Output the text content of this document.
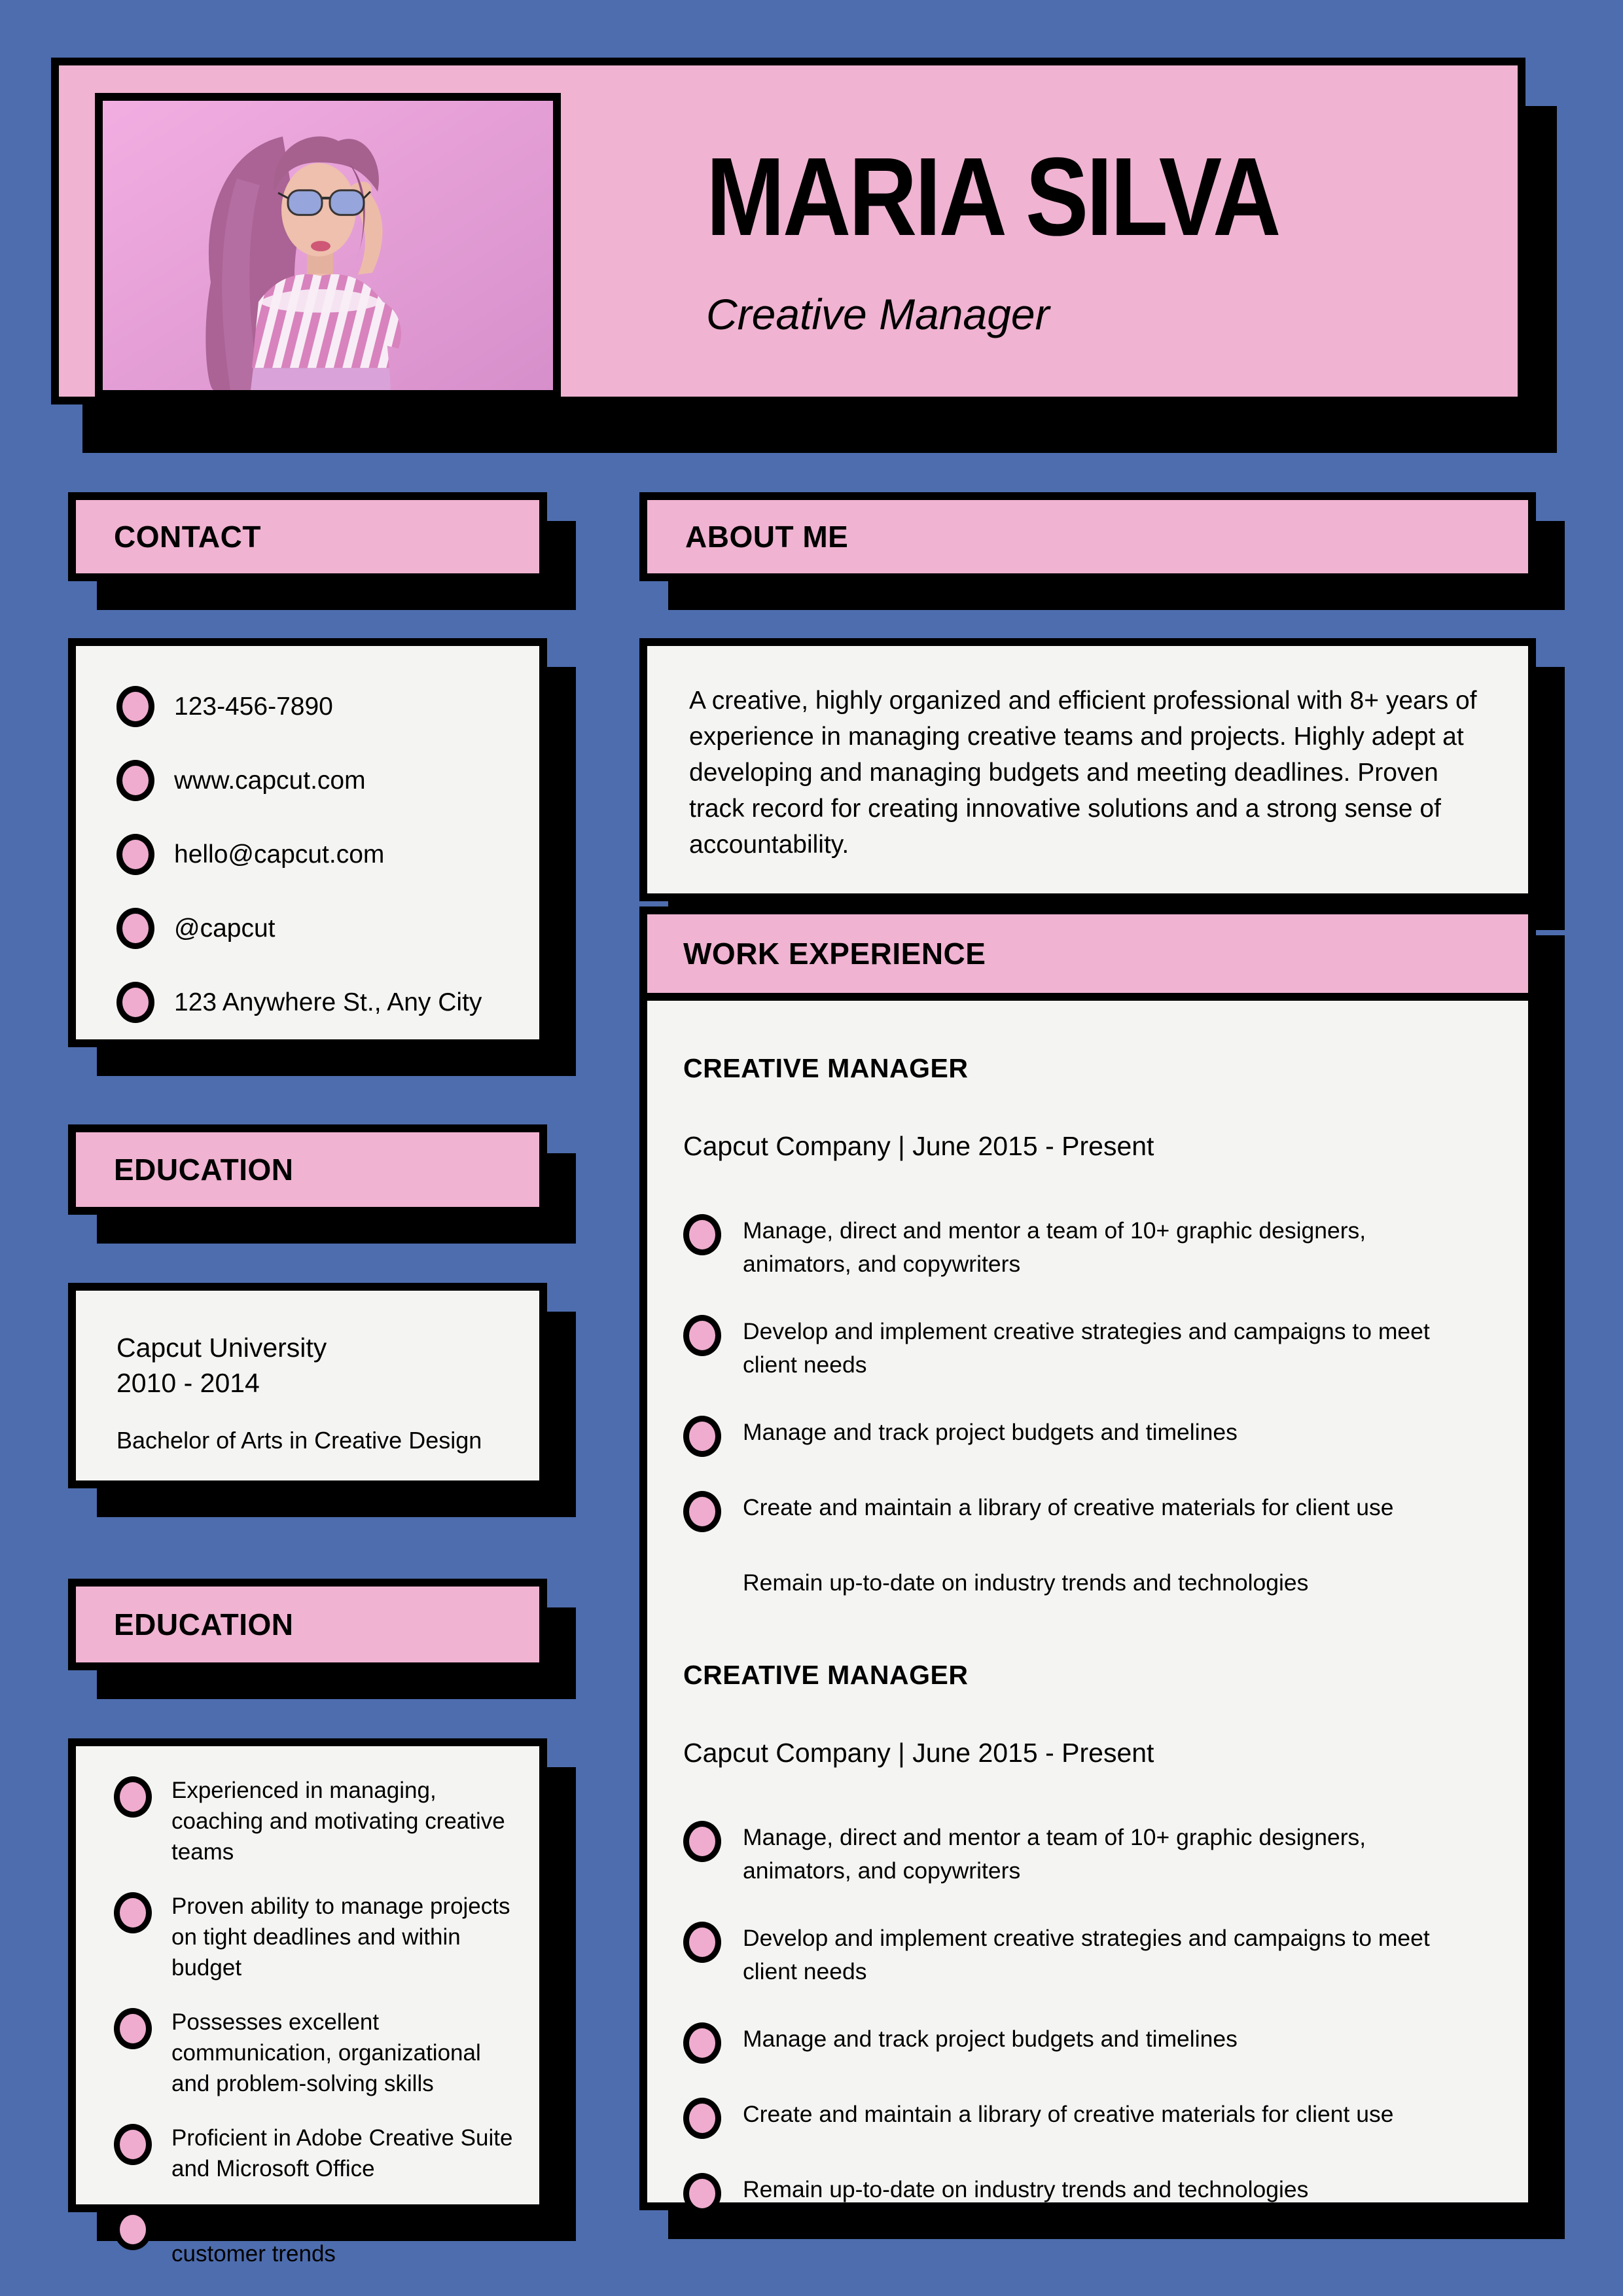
MARIA SILVA
Creative Manager
CONTACT
123-456-7890
www.capcut.com
hello@capcut.com
@capcut
123 Anywhere St., Any City
EDUCATION
Capcut University
2010 - 2014
Bachelor of Arts in Creative Design
EDUCATION
Experienced in managing, coaching and motivating creative teams
Proven ability to manage projects on tight deadlines and within budget
Possesses excellent communication, organizational and problem-solving skills
Proficient in Adobe Creative Suite and Microsoft Office
Well-versed in market and customer trends
ABOUT ME

A creative, highly organized and efficient professional with 8+ years of experience in managing creative teams and projects. Highly adept at developing and managing budgets and meeting deadlines. Proven track record for creating innovative solutions and a strong sense of accountability.

WORK EXPERIENCE
CREATIVE MANAGER
Capcut Company | June 2015 - Present
Manage, direct and mentor a team of 10+ graphic designers, animators, and copywriters
Develop and implement creative strategies and campaigns to meet client needs
Manage and track project budgets and timelines
Create and maintain a library of creative materials for client use
Remain up-to-date on industry trends and technologies
CREATIVE MANAGER
Capcut Company | June 2015 - Present
Manage, direct and mentor a team of 10+ graphic designers, animators, and copywriters
Develop and implement creative strategies and campaigns to meet client needs
Manage and track project budgets and timelines
Create and maintain a library of creative materials for client use
Remain up-to-date on industry trends and technologies
